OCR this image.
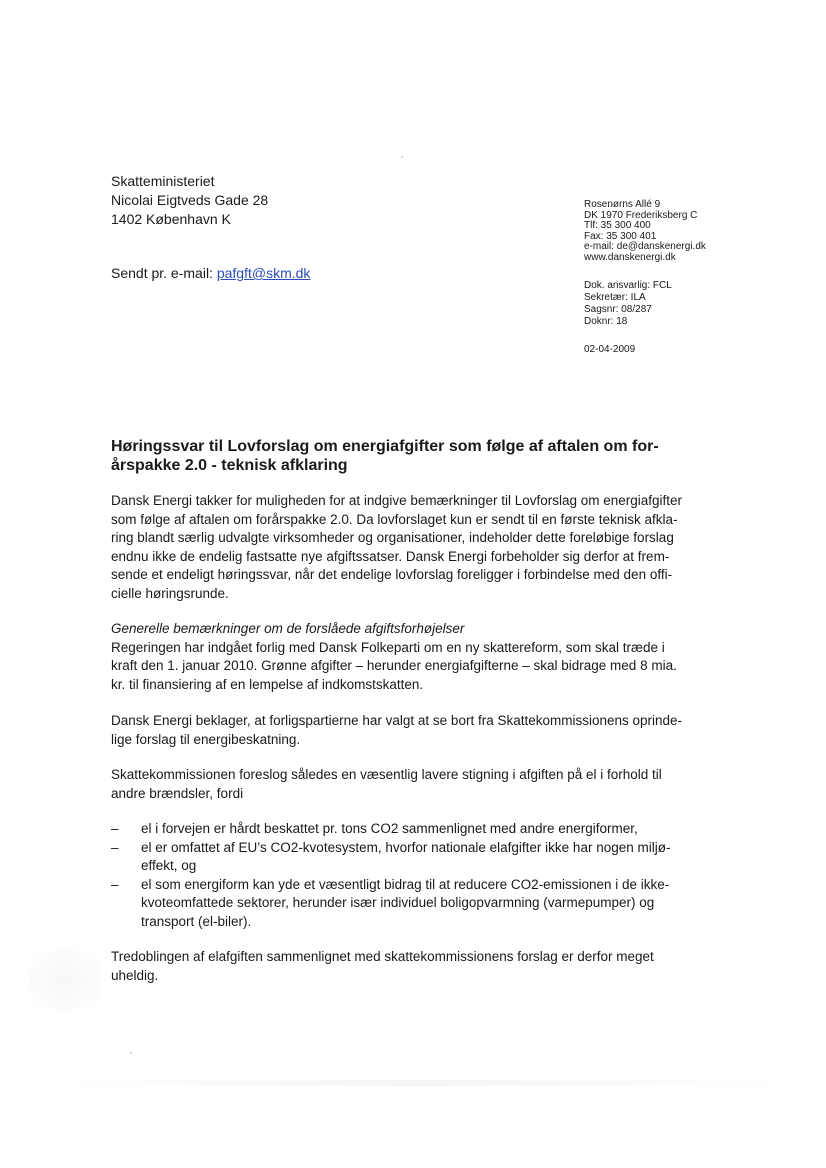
Skatteministeriet
Nicolai Eigtveds Gade 28
1402 København K
Sendt pr. e-mail: pafgft@skm.dk
Rosenørns Allé 9
DK 1970 Frederiksberg C
Tlf: 35 300 400
Fax: 35 300 401
e-mail: de@danskenergi.dk
www.danskenergi.dk
Dok. ansvarlig: FCL
Sekretær: ILA
Sagsnr: 08/287
Doknr: 18
02-04-2009
Høringssvar til Lovforslag om energiafgifter som følge af aftalen om for-
årspakke 2.0 - teknisk afklaring
Dansk Energi takker for muligheden for at indgive bemærkninger til Lovforslag om energiafgifter
som følge af aftalen om forårspakke 2.0. Da lovforslaget kun er sendt til en første teknisk afkla-
ring blandt særlig udvalgte virksomheder og organisationer, indeholder dette foreløbige forslag
endnu ikke de endelig fastsatte nye afgiftssatser. Dansk Energi forbeholder sig derfor at frem-
sende et endeligt høringssvar, når det endelige lovforslag foreligger i forbindelse med den offi-
cielle høringsrunde.
Generelle bemærkninger om de forslåede afgiftsforhøjelser
Regeringen har indgået forlig med Dansk Folkeparti om en ny skattereform, som skal træde i
kraft den 1. januar 2010. Grønne afgifter – herunder energiafgifterne – skal bidrage med 8 mia.
kr. til finansiering af en lempelse af indkomstskatten.
Dansk Energi beklager, at forligspartierne har valgt at se bort fra Skattekommissionens oprinde-
lige forslag til energibeskatning.
Skattekommissionen foreslog således en væsentlig lavere stigning i afgiften på el i forhold til
andre brændsler, fordi
– el i forvejen er hårdt beskattet pr. tons CO2 sammenlignet med andre energiformer,
– el er omfattet af EU’s CO2-kvotesystem, hvorfor nationale elafgifter ikke har nogen miljø-
effekt, og
– el som energiform kan yde et væsentligt bidrag til at reducere CO2-emissionen i de ikke-
kvoteomfattede sektorer, herunder især individuel boligopvarmning (varmepumper) og
transport (el-biler).
Tredoblingen af elafgiften sammenlignet med skattekommissionens forslag er derfor meget
uheldig.
